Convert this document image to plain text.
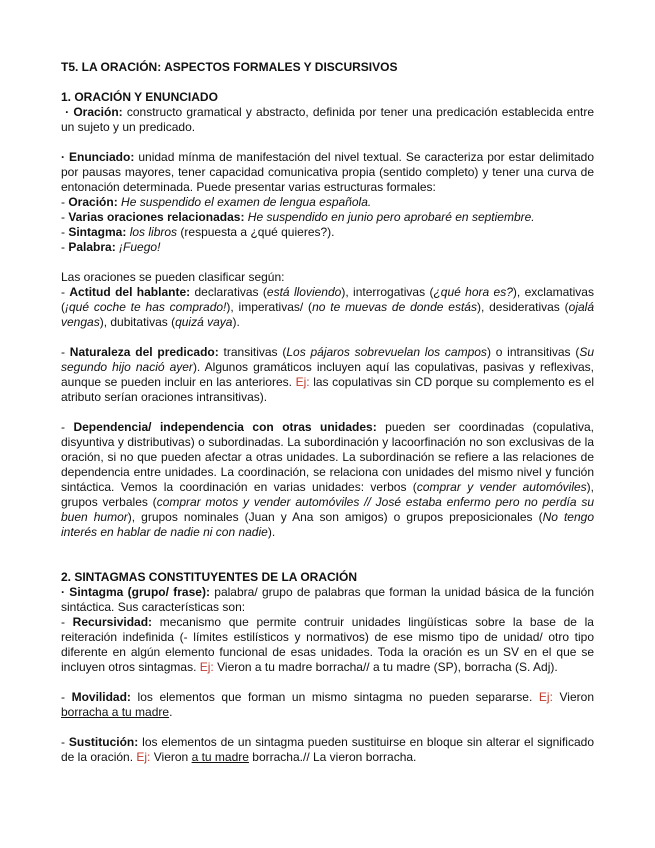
T5. LA ORACIÓN: ASPECTOS FORMALES Y DISCURSIVOS

1. ORACIÓN Y ENUNCIADO

· Oración: constructo gramatical y abstracto, definida por tener una predicación establecida entre un sujeto y un predicado.

· Enunciado: unidad mínma de manifestación del nivel textual. Se caracteriza por estar delimitado por pausas mayores, tener capacidad comunicativa propia (sentido completo) y tener una curva de entonación determinada. Puede presentar varias estructuras formales:

- Oración: He suspendido el examen de lengua española.

- Varias oraciones relacionadas: He suspendido en junio pero aprobaré en septiembre.

- Sintagma: los libros (respuesta a ¿qué quieres?).

- Palabra: ¡Fuego!

Las oraciones se pueden clasificar según:

- Actitud del hablante: declarativas (está lloviendo), interrogativas (¿qué hora es?), exclamativas (¡qué coche te has comprado!), imperativas/ (no te muevas de donde estás), desiderativas (ojalá vengas), dubitativas (quizá vaya).

- Naturaleza del predicado: transitivas (Los pájaros sobrevuelan los campos) o intransitivas (Su segundo hijo nació ayer). Algunos gramáticos incluyen aquí las copulativas, pasivas y reflexivas, aunque se pueden incluir en las anteriores. Ej: las copulativas sin CD porque su complemento es el atributo serían oraciones intransitivas).

- Dependencia/ independencia con otras unidades: pueden ser coordinadas (copulativa, disyuntiva y distributivas) o subordinadas. La subordinación y lacoorfinación no son exclusivas de la oración, si no que pueden afectar a otras unidades. La subordinación se refiere a las relaciones de dependencia entre unidades. La coordinación, se relaciona con unidades del mismo nivel y función sintáctica. Vemos la coordinación en varias unidades: verbos (comprar y vender automóviles), grupos verbales (comprar motos y vender automóviles // José estaba enfermo pero no perdía su buen humor), grupos nominales (Juan y Ana son amigos) o grupos preposicionales (No tengo interés en hablar de nadie ni con nadie).

2. SINTAGMAS CONSTITUYENTES DE LA ORACIÓN

· Sintagma (grupo/ frase): palabra/ grupo de palabras que forman la unidad básica de la función sintáctica. Sus características son:

- Recursividad: mecanismo que permite contruir unidades lingüísticas sobre la base de la reiteración indefinida (- límites estilísticos y normativos) de ese mismo tipo de unidad/ otro tipo diferente en algún elemento funcional de esas unidades. Toda la oración es un SV en el que se incluyen otros sintagmas. Ej: Vieron a tu madre borracha// a tu madre (SP), borracha (S. Adj).

- Movilidad: los elementos que forman un mismo sintagma no pueden separarse. Ej: Vieron borracha a tu madre.

- Sustitución: los elementos de un sintagma pueden sustituirse en bloque sin alterar el significado de la oración. Ej: Vieron a tu madre borracha.// La vieron borracha.
